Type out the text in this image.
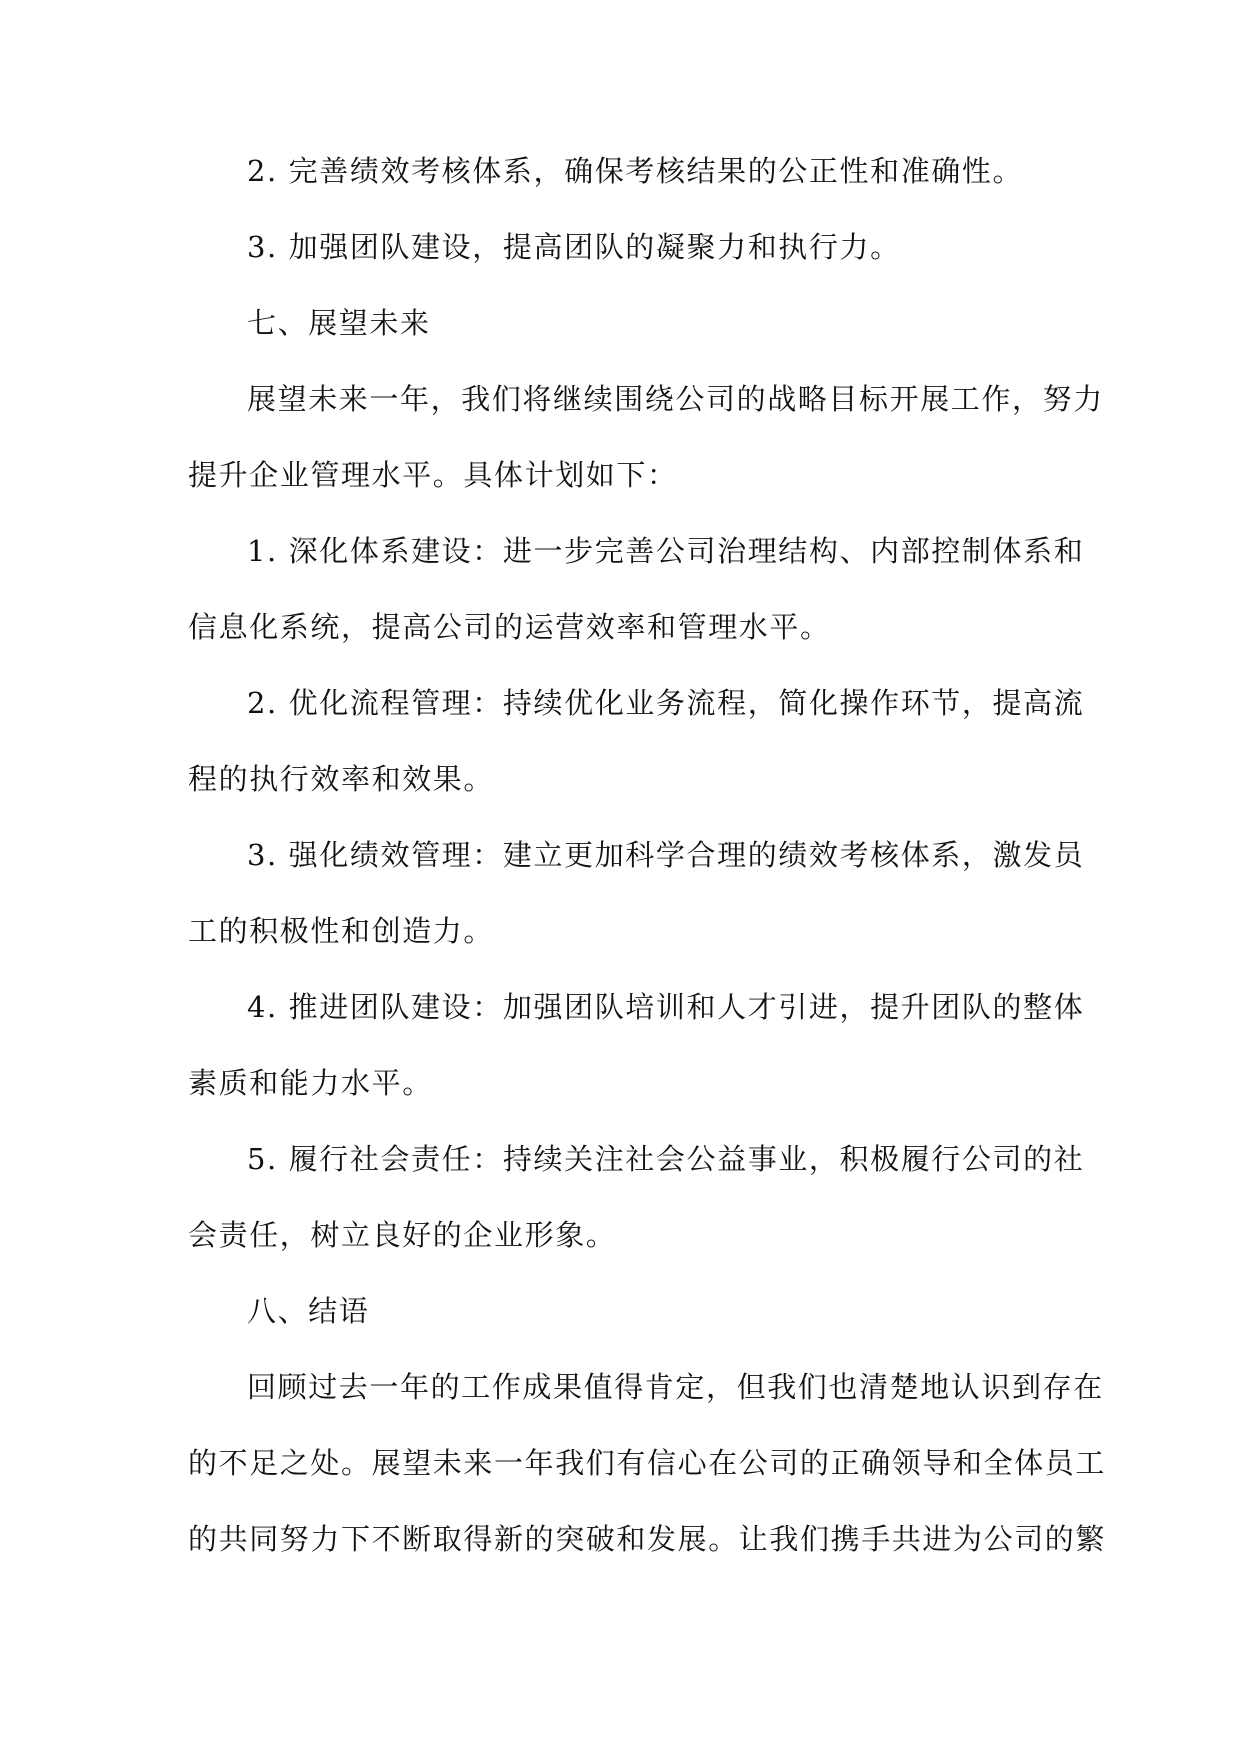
2. 完善绩效考核体系，确保考核结果的公正性和准确性。

3. 加强团队建设，提高团队的凝聚力和执行力。

七、展望未来

展望未来一年，我们将继续围绕公司的战略目标开展工作，努力

提升企业管理水平。具体计划如下：

1. 深化体系建设：进一步完善公司治理结构、内部控制体系和

信息化系统，提高公司的运营效率和管理水平。

2. 优化流程管理：持续优化业务流程，简化操作环节，提高流

程的执行效率和效果。

3. 强化绩效管理：建立更加科学合理的绩效考核体系，激发员

工的积极性和创造力。

4. 推进团队建设：加强团队培训和人才引进，提升团队的整体

素质和能力水平。

5. 履行社会责任：持续关注社会公益事业，积极履行公司的社

会责任，树立良好的企业形象。

八、结语

回顾过去一年的工作成果值得肯定，但我们也清楚地认识到存在

的不足之处。展望未来一年我们有信心在公司的正确领导和全体员工

的共同努力下不断取得新的突破和发展。让我们携手共进为公司的繁
